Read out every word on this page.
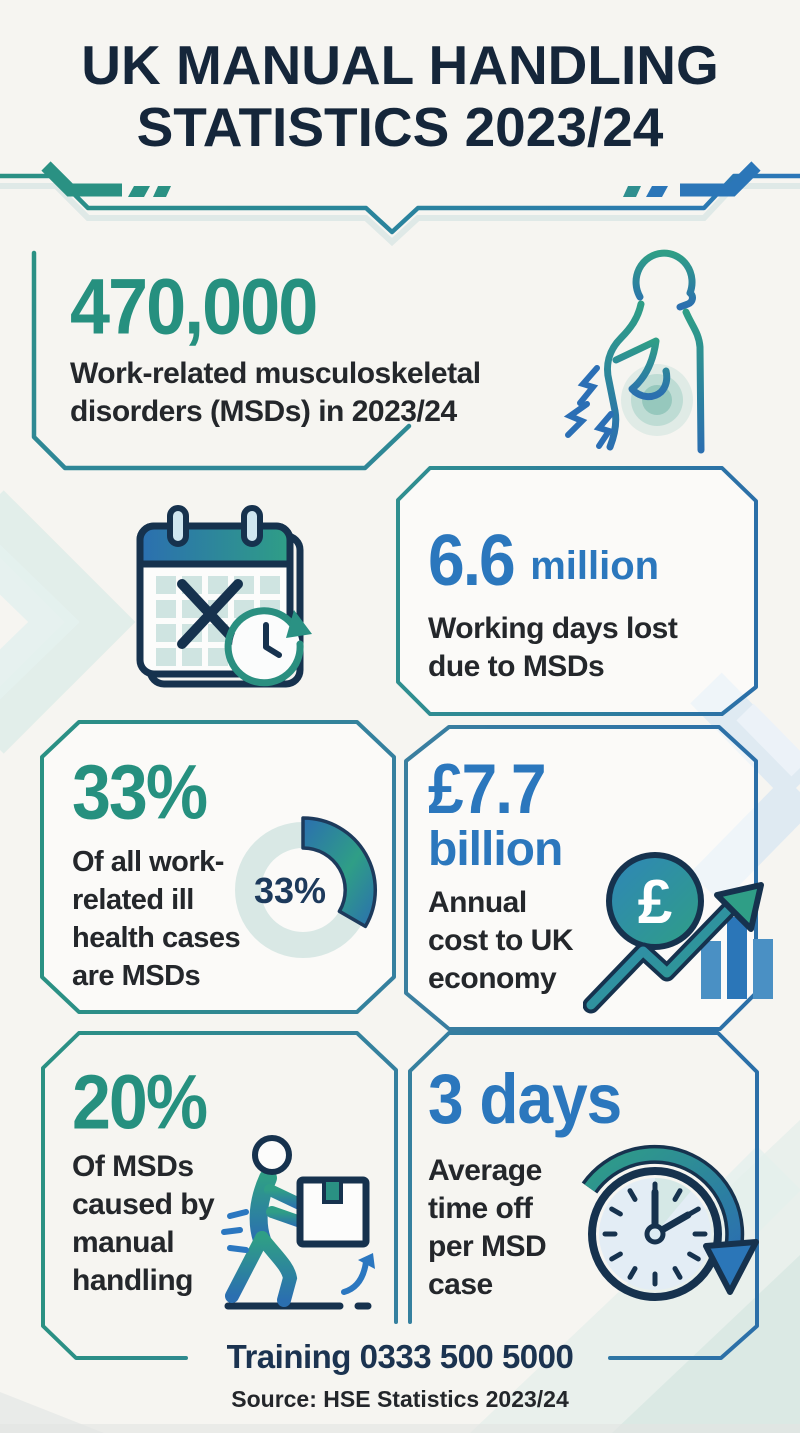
UK MANUAL HANDLING
STATISTICS 2023/24
470,000
Work-related musculoskeletal
disorders (MSDs) in 2023/24
6.6 million
Working days lost
due to MSDs
33%
Of all work-
related ill
health cases
are MSDs
33%
£7.7
billion
Annual
cost to UK
economy
£
20%
Of MSDs
caused by
manual
handling
3 days
Average
time off
per MSD
case
Training 0333 500 5000
Source: HSE Statistics 2023/24
